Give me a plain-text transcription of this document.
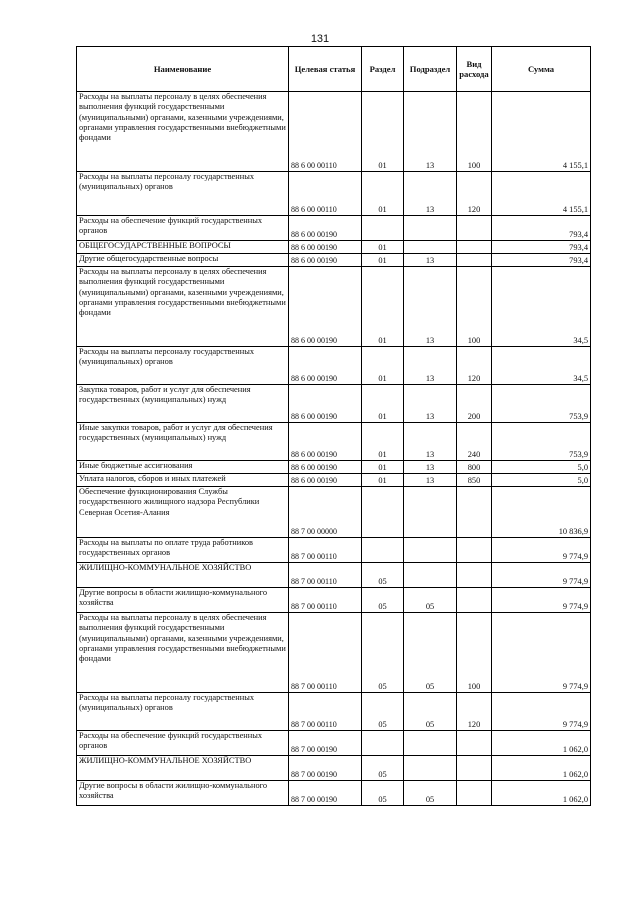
131
Наименование	Целевая статья	Раздел	Подраздел	Вид расхода	Сумма

Расходы на выплаты персоналу в целях обеспечения выполнения функций государственными (муниципальными) органами, казенными учреждениями, органами управления государственными внебюджетными фондами	88 6 00 00110	01	13	100	4 155,1

Расходы на выплаты персоналу государственных (муниципальных) органов	88 6 00 00110	01	13	120	4 155,1

Расходы на обеспечение функций государственных органов	88 6 00 00190				793,4

ОБЩЕГОСУДАРСТВЕННЫЕ ВОПРОСЫ	88 6 00 00190	01			793,4

Другие общегосударственные вопросы	88 6 00 00190	01	13		793,4

Расходы на выплаты персоналу в целях обеспечения выполнения функций государственными (муниципальными) органами, казенными учреждениями, органами управления государственными внебюджетными фондами	88 6 00 00190	01	13	100	34,5

Расходы на выплаты персоналу государственных (муниципальных) органов	88 6 00 00190	01	13	120	34,5

Закупка товаров, работ и услуг для обеспечения государственных (муниципальных) нужд	88 6 00 00190	01	13	200	753,9

Иные закупки товаров, работ и услуг для обеспечения государственных (муниципальных) нужд	88 6 00 00190	01	13	240	753,9

Иные бюджетные ассигнования	88 6 00 00190	01	13	800	5,0

Уплата налогов, сборов и иных платежей	88 6 00 00190	01	13	850	5,0

Обеспечение функционирования Службы государственного жилищного надзора Республики Северная Осетия-Алания	88 7 00 00000				10 836,9

Расходы на выплаты по оплате труда работников государственных органов	88 7 00 00110				9 774,9

ЖИЛИЩНО-КОММУНАЛЬНОЕ ХОЗЯЙСТВО	88 7 00 00110	05			9 774,9

Другие вопросы в области жилищно-коммунального хозяйства	88 7 00 00110	05	05		9 774,9

Расходы на выплаты персоналу в целях обеспечения выполнения функций государственными (муниципальными) органами, казенными учреждениями, органами управления государственными внебюджетными фондами	88 7 00 00110	05	05	100	9 774,9

Расходы на выплаты персоналу государственных (муниципальных) органов	88 7 00 00110	05	05	120	9 774,9

Расходы на обеспечение функций государственных органов	88 7 00 00190				1 062,0

ЖИЛИЩНО-КОММУНАЛЬНОЕ ХОЗЯЙСТВО	88 7 00 00190	05			1 062,0

Другие вопросы в области жилищно-коммунального хозяйства	88 7 00 00190	05	05		1 062,0
